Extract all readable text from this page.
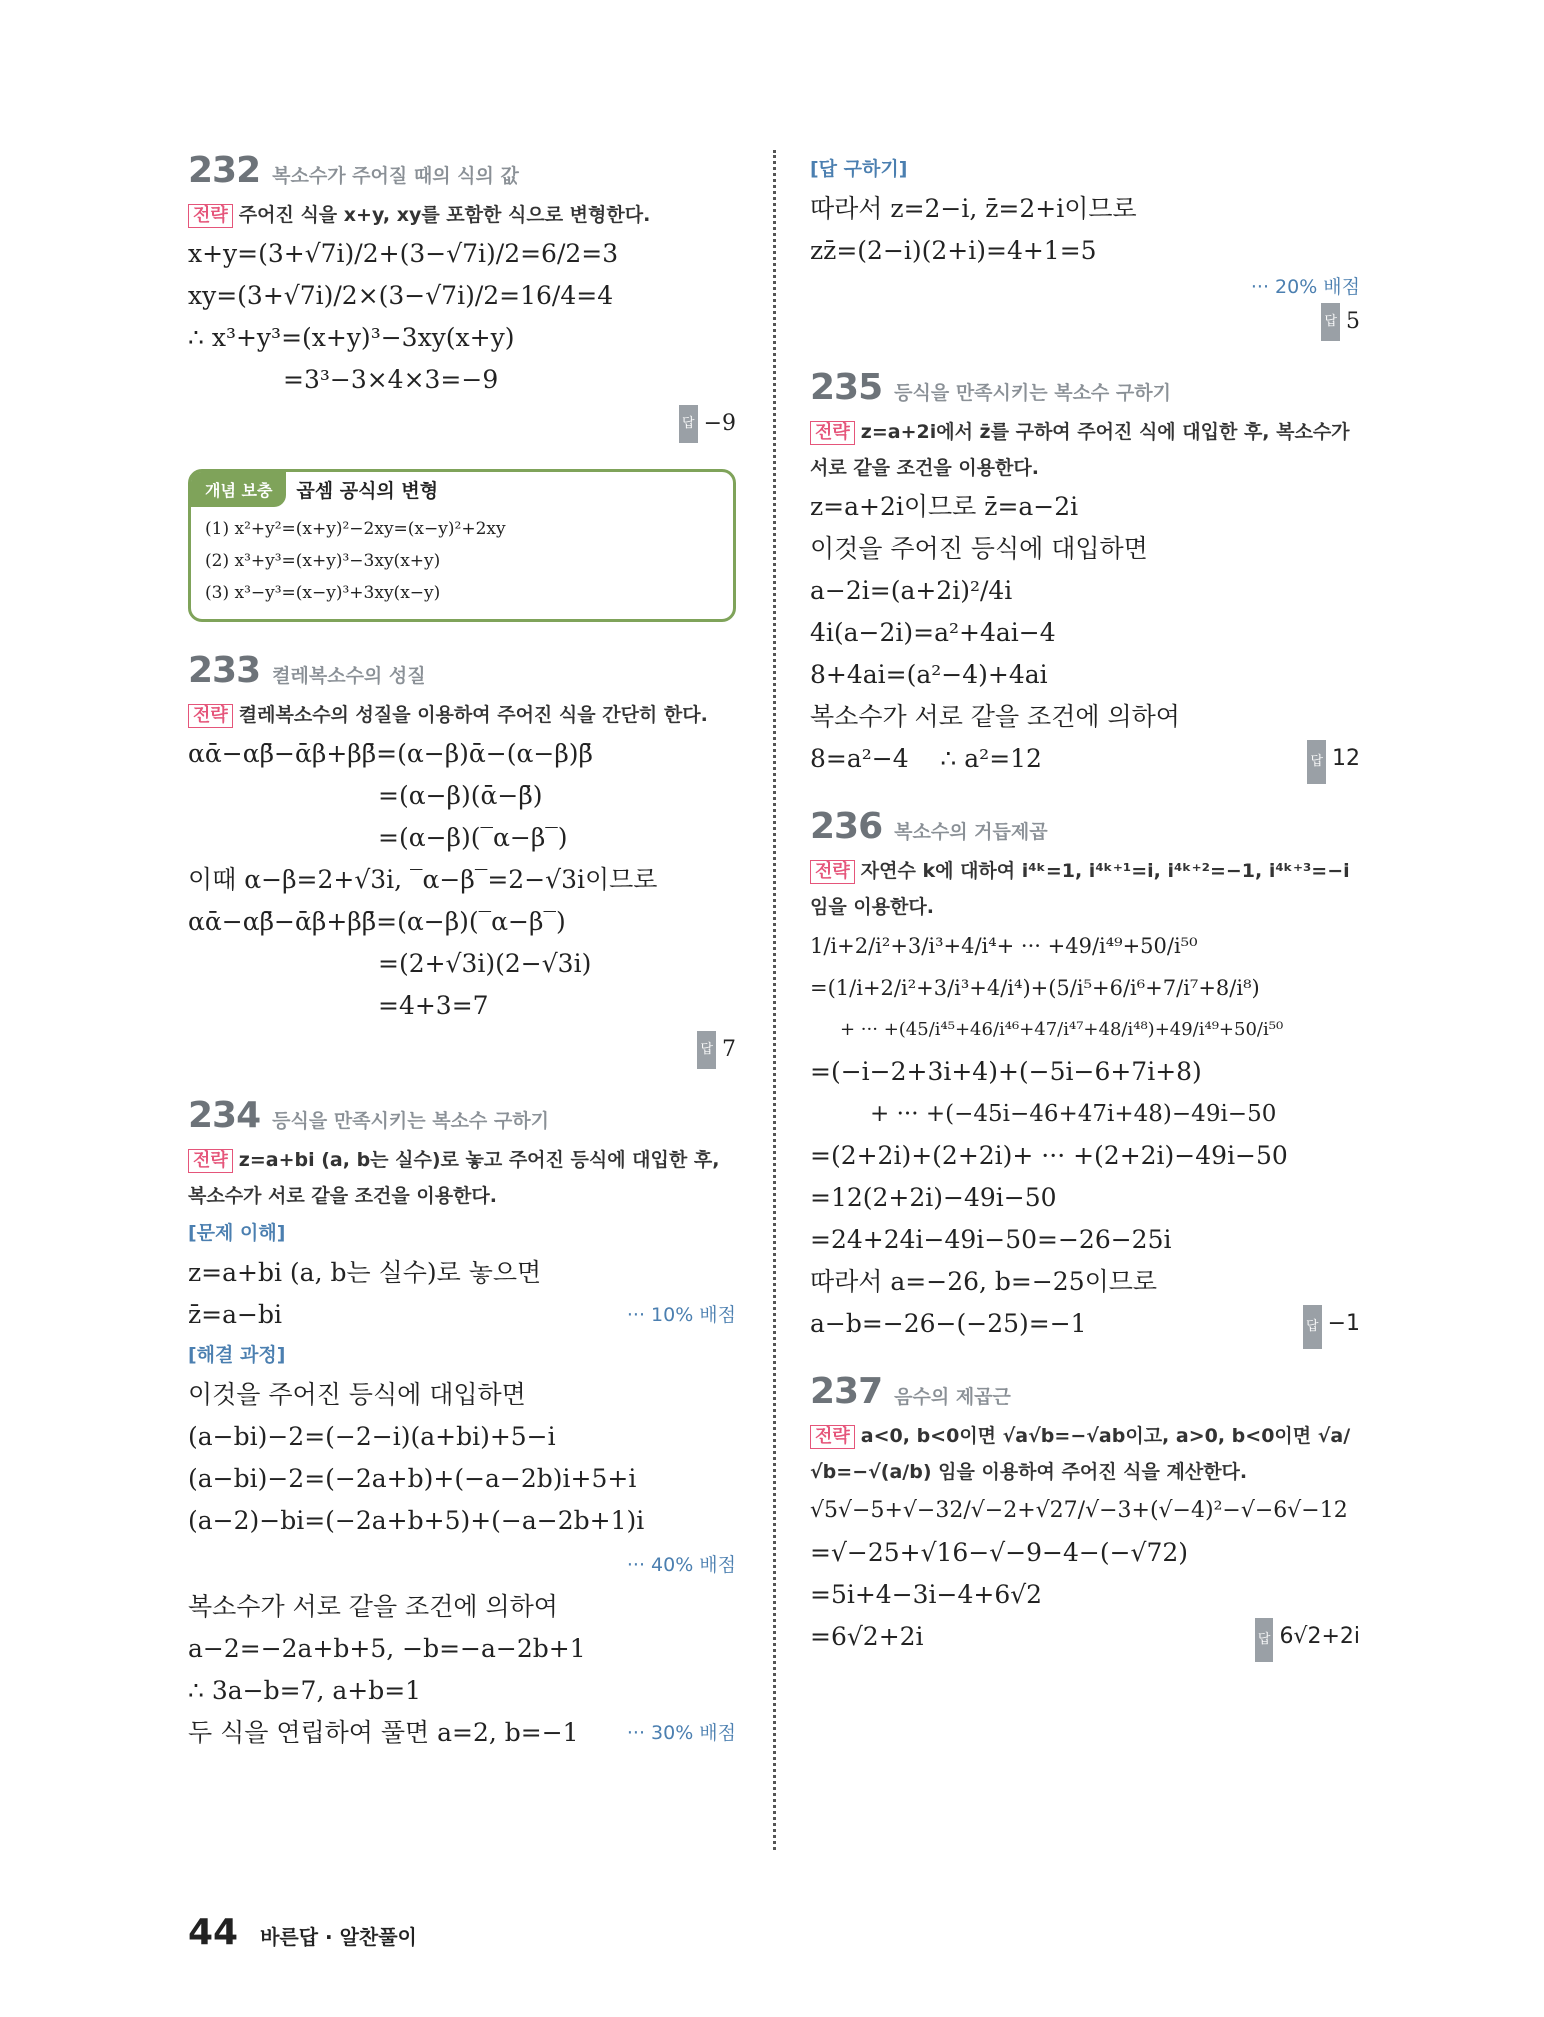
232 복소수가 주어질 때의 식의 값
전략 주어진 식을 x+y, xy를 포함한 식으로 변형한다.
x+y=(3+√7i)/2+(3−√7i)/2=6/2=3
xy=(3+√7i)/2×(3−√7i)/2=16/4=4
∴ x³+y³=(x+y)³−3xy(x+y)
=3³−3×4×3=−9
답 −9
개념 보충	곱셈 공식의 변형
(1) x²+y²=(x+y)²−2xy=(x−y)²+2xy
(2) x³+y³=(x+y)³−3xy(x+y)
(3) x³−y³=(x−y)³+3xy(x−y)
233 켤레복소수의 성질
전략 켤레복소수의 성질을 이용하여 주어진 식을 간단히 한다.
αᾱ−αβ̄−ᾱβ+ββ̄=(α−β)ᾱ−(α−β)β̄
=(α−β)(ᾱ−β̄)
=(α−β)(‾α−β‾)
이때 α−β=2+√3i, ‾α−β‾=2−√3i이므로
αᾱ−αβ̄−ᾱβ+ββ̄=(α−β)(‾α−β‾)
=(2+√3i)(2−√3i)
=4+3=7
답 7
234 등식을 만족시키는 복소수 구하기
전략 z=a+bi (a, b는 실수)로 놓고 주어진 등식에 대입한 후, 복소수가 서로 같을 조건을 이용한다.
[문제 이해]
z=a+bi (a, b는 실수)로 놓으면
z̄=a−bi	··· 10% 배점
[해결 과정]
이것을 주어진 등식에 대입하면
(a−bi)−2=(−2−i)(a+bi)+5−i
(a−bi)−2=(−2a+b)+(−a−2b)i+5+i
(a−2)−bi=(−2a+b+5)+(−a−2b+1)i
··· 40% 배점
복소수가 서로 같을 조건에 의하여
a−2=−2a+b+5, −b=−a−2b+1
∴ 3a−b=7, a+b=1
두 식을 연립하여 풀면 a=2, b=−1	··· 30% 배점
[답 구하기]
따라서 z=2−i, z̄=2+i이므로
zz̄=(2−i)(2+i)=4+1=5
··· 20% 배점
답 5
235 등식을 만족시키는 복소수 구하기
전략 z=a+2i에서 z̄를 구하여 주어진 식에 대입한 후, 복소수가 서로 같을 조건을 이용한다.
z=a+2i이므로 z̄=a−2i
이것을 주어진 등식에 대입하면
a−2i=(a+2i)²/4i
4i(a−2i)=a²+4ai−4
8+4ai=(a²−4)+4ai
복소수가 서로 같을 조건에 의하여
8=a²−4    ∴ a²=12	답 12
236 복소수의 거듭제곱
전략 자연수 k에 대하여 i⁴ᵏ=1, i⁴ᵏ⁺¹=i, i⁴ᵏ⁺²=−1, i⁴ᵏ⁺³=−i임을 이용한다.
1/i+2/i²+3/i³+4/i⁴+ ··· +49/i⁴⁹+50/i⁵⁰
=(1/i+2/i²+3/i³+4/i⁴)+(5/i⁵+6/i⁶+7/i⁷+8/i⁸)
+ ··· +(45/i⁴⁵+46/i⁴⁶+47/i⁴⁷+48/i⁴⁸)+49/i⁴⁹+50/i⁵⁰
=(−i−2+3i+4)+(−5i−6+7i+8)
+ ··· +(−45i−46+47i+48)−49i−50
=(2+2i)+(2+2i)+ ··· +(2+2i)−49i−50
=12(2+2i)−49i−50
=24+24i−49i−50=−26−25i
따라서 a=−26, b=−25이므로
a−b=−26−(−25)=−1	답 −1
237 음수의 제곱근
전략 a<0, b<0이면 √a√b=−√ab이고, a>0, b<0이면 √a/√b=−√(a/b) 임을 이용하여 주어진 식을 계산한다.
√5√−5+√−32/√−2+√27/√−3+(√−4)²−√−6√−12
=√−25+√16−√−9−4−(−√72)
=5i+4−3i−4+6√2
=6√2+2i	답 6√2+2i
44 바른답 · 알찬풀이
